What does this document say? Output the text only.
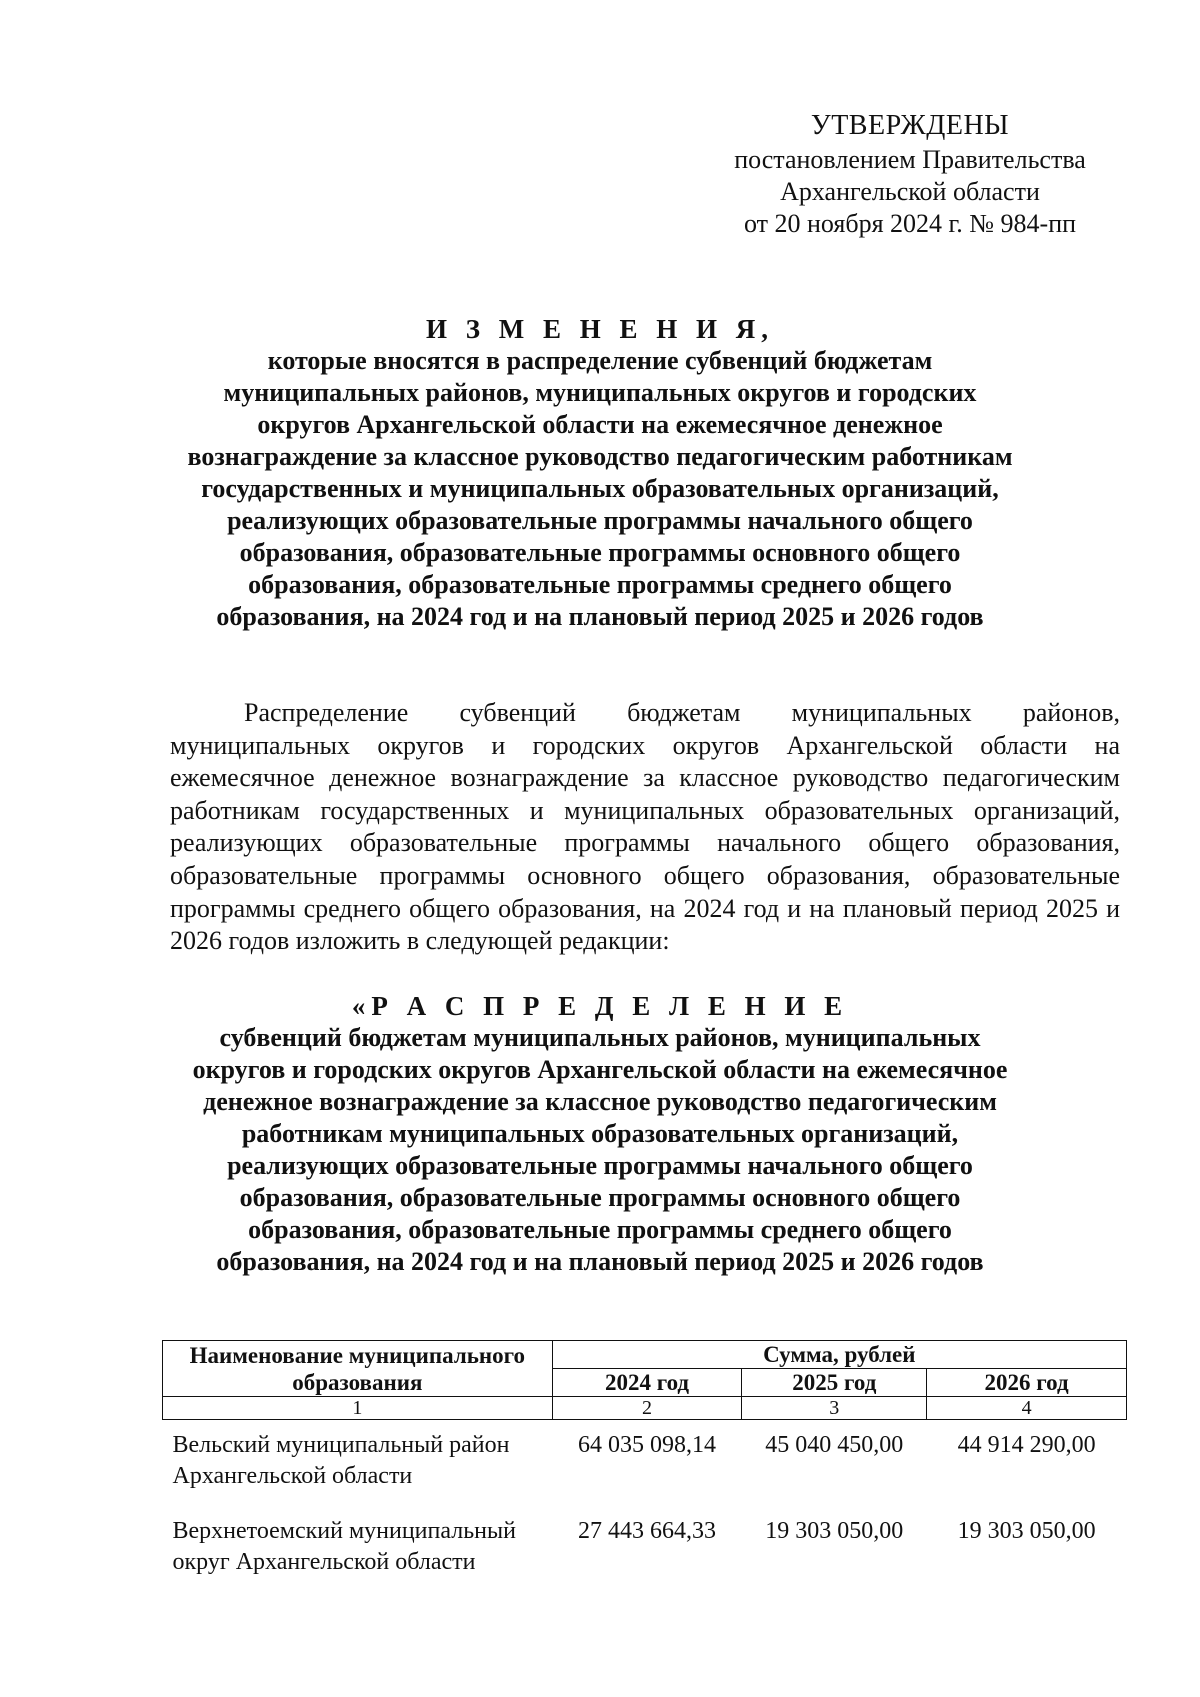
УТВЕРЖДЕНЫ
постановлением Правительства
Архангельской области
от 20 ноября 2024 г. № 984-пп
И З М Е Н Е Н И Я,
которые вносятся в распределение субвенций бюджетам
муниципальных районов, муниципальных округов и городских
округов Архангельской области на ежемесячное денежное
вознаграждение за классное руководство педагогическим работникам
государственных и муниципальных образовательных организаций,
реализующих образовательные программы начального общего
образования, образовательные программы основного общего
образования, образовательные программы среднего общего
образования, на 2024 год и на плановый период 2025 и 2026 годов
Распределение субвенций бюджетам муниципальных районов, муниципальных округов и городских округов Архангельской области на ежемесячное денежное вознаграждение за классное руководство педагогическим работникам государственных и муниципальных образовательных организаций, реализующих образовательные программы начального общего образования, образовательные программы основного общего образования, образовательные программы среднего общего образования, на 2024 год и на плановый период 2025 и 2026 годов изложить в следующей редакции:
«Р А С П Р Е Д Е Л Е Н И Е
субвенций бюджетам муниципальных районов, муниципальных
округов и городских округов Архангельской области на ежемесячное
денежное вознаграждение за классное руководство педагогическим
работникам муниципальных образовательных организаций,
реализующих образовательные программы начального общего
образования, образовательные программы основного общего
образования, образовательные программы среднего общего
образования, на 2024 год и на плановый период 2025 и 2026 годов
Наименование муниципального образования	Сумма, рублей		
	2024 год	2025 год	2026 год
1	2	3	4
Вельский муниципальный район Архангельской области	64 035 098,14	45 040 450,00	44 914 290,00
Верхнетоемский муниципальный округ Архангельской области	27 443 664,33	19 303 050,00	19 303 050,00
